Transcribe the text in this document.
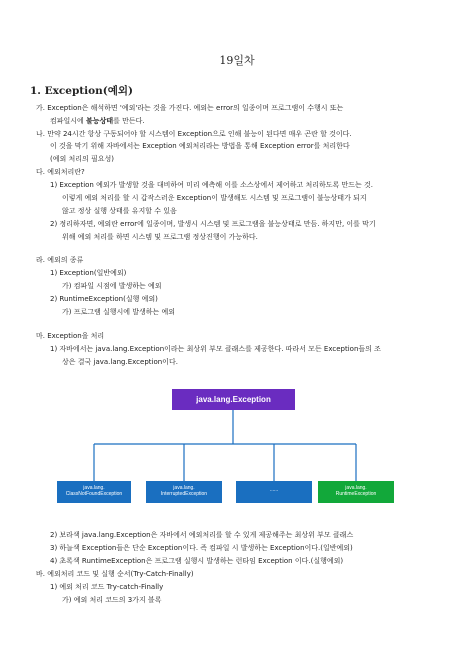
19일차
1. Exception(예외)
가. Exception은 해석하면 '예외'라는 것을 가진다. 예외는 error의 일종이며 프로그램이 수행시 또는
컴파일시에 불능상태를 만든다.
나. 만약 24시간 항상 구동되어야 할 시스템이 Exception으로 인해 불능이 된다면 매우 곤란 할 것이다.
이 것을 막기 위해 자바에서는 Exception 예외처리라는 방법을 통해 Exception error를 처리한다
(예외 처리의 필요성)
다. 예외처리란?
1) Exception 예외가 발생할 것을 대비하여 미리 예측해 이를 소스상에서 제어하고 처리하도록 만드는 것.
이렇게 예외 처리를 할 시 갑작스러운 Exception이 발생해도 시스템 및 프로그램이 불능상태가 되지
않고 정상 실행 상태를 유지할 수 있음
2) 정리하자면, 예외란 error에 일종이며, 발생시 시스템 및 프로그램을 불능상태로 만듬. 하지만, 이를 막기
위해 예외 처리를 하면 시스템 및 프로그램 정상진행이 가능하다.
라. 예외의 종류
1) Exception(일반예외)
가) 컴파일 시점에 발생하는 예외
2) RuntimeException(실행 예외)
가) 프로그램 실행시에 발생하는 예외
마. Exception을 처리
1) 자바에서는 java.lang.Exception이라는 최상위 부모 클래스를 제공한다. 따라서 모든 Exception들의 조
상은 결국 java.lang.Exception이다.
java.lang.Exception
java.lang.
ClassNotFoundException
java.lang.
InterruptedException
......	java.lang.
RuntimeException
2) 보라색 java.lang.Exception은 자바에서 예외처리를 할 수 있게 제공해주는 최상위 부모 클래스
3) 하늘색 Exception들은 단순 Exception이다. 즉 컴파일 시 발생하는 Exception이다.(일반예외)
4) 초록색 RuntimeException은 프로그램 실행시 발생하는 런타임 Exception 이다.(실행예외)
바. 예외처리 코드 및 실행 순서(Try-Catch-Finally)
1) 예외 처리 코드 Try-catch-Finally
가) 예외 처리 코드의 3가지 블록
